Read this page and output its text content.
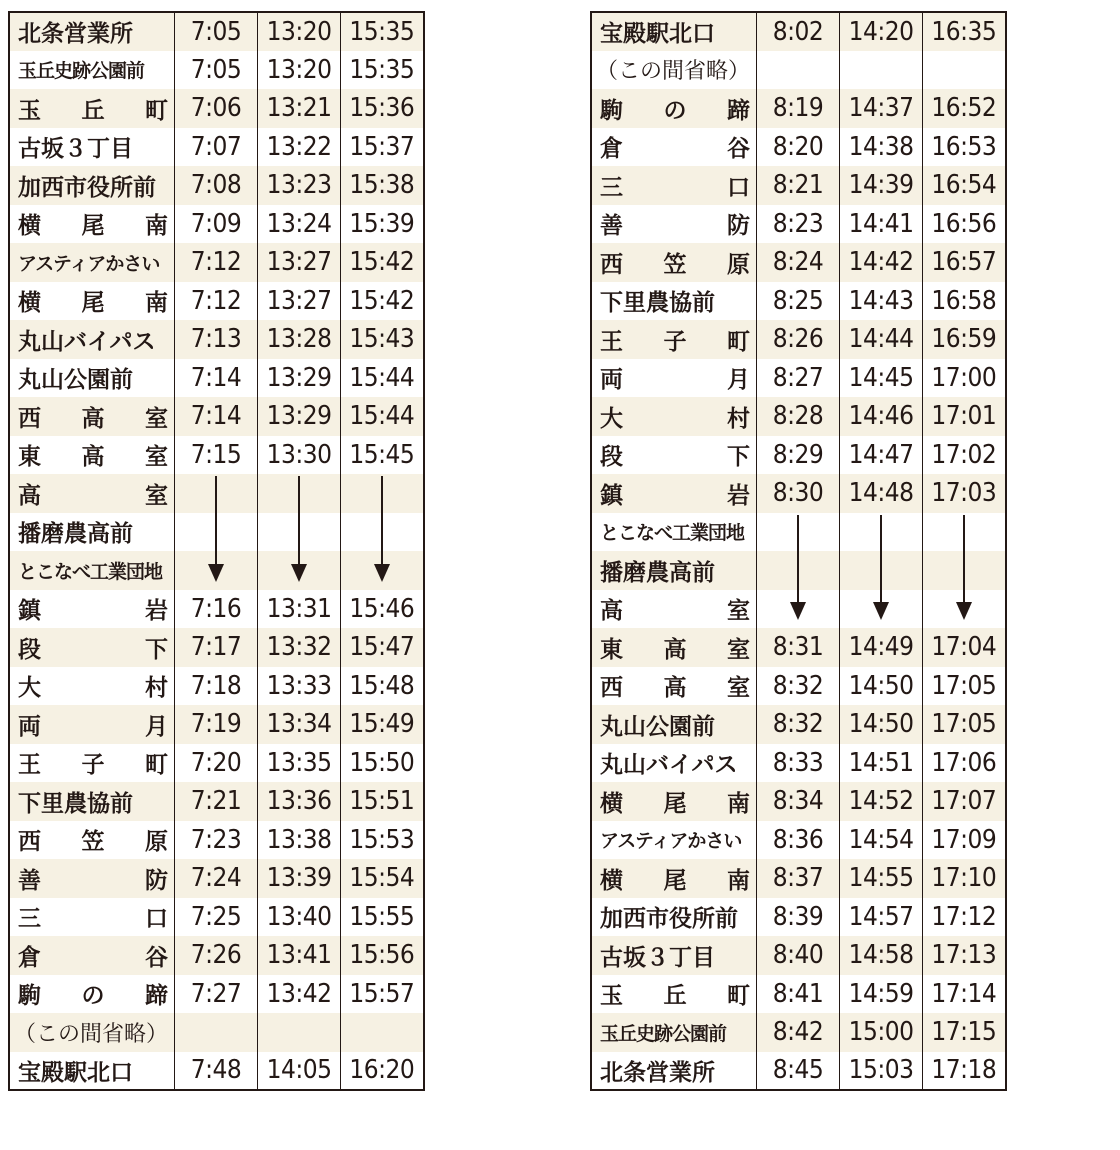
北条営業所	7:05	13:20	15:35
玉丘史跡公園前	7:05	13:20	15:35
玉　丘　町	7:06	13:21	15:36
古坂３丁目	7:07	13:22	15:37
加西市役所前	7:08	13:23	15:38
横　尾　南	7:09	13:24	15:39
アスティアかさい	7:12	13:27	15:42
横　尾　南	7:12	13:27	15:42
丸山バイパス	7:13	13:28	15:43
丸山公園前	7:14	13:29	15:44
西　高　室	7:14	13:29	15:44
東　高　室	7:15	13:30	15:45
高　　　室			
播磨農高前			
とこなべ工業団地			
鎮　　　岩	7:16	13:31	15:46
段　　　下	7:17	13:32	15:47
大　　　村	7:18	13:33	15:48
両　　　月	7:19	13:34	15:49
王　子　町	7:20	13:35	15:50
下里農協前	7:21	13:36	15:51
西　笠　原	7:23	13:38	15:53
善　　　防	7:24	13:39	15:54
三　　　口	7:25	13:40	15:55
倉　　　谷	7:26	13:41	15:56
駒　の　蹄	7:27	13:42	15:57
（この間省略）			
宝殿駅北口	7:48	14:05	16:20
宝殿駅北口	8:02	14:20	16:35
（この間省略）			
駒　の　蹄	8:19	14:37	16:52
倉　　　谷	8:20	14:38	16:53
三　　　口	8:21	14:39	16:54
善　　　防	8:23	14:41	16:56
西　笠　原	8:24	14:42	16:57
下里農協前	8:25	14:43	16:58
王　子　町	8:26	14:44	16:59
両　　　月	8:27	14:45	17:00
大　　　村	8:28	14:46	17:01
段　　　下	8:29	14:47	17:02
鎮　　　岩	8:30	14:48	17:03
とこなべ工業団地			
播磨農高前			
高　　　室			
東　高　室	8:31	14:49	17:04
西　高　室	8:32	14:50	17:05
丸山公園前	8:32	14:50	17:05
丸山バイパス	8:33	14:51	17:06
横　尾　南	8:34	14:52	17:07
アスティアかさい	8:36	14:54	17:09
横　尾　南	8:37	14:55	17:10
加西市役所前	8:39	14:57	17:12
古坂３丁目	8:40	14:58	17:13
玉　丘　町	8:41	14:59	17:14
玉丘史跡公園前	8:42	15:00	17:15
北条営業所	8:45	15:03	17:18
